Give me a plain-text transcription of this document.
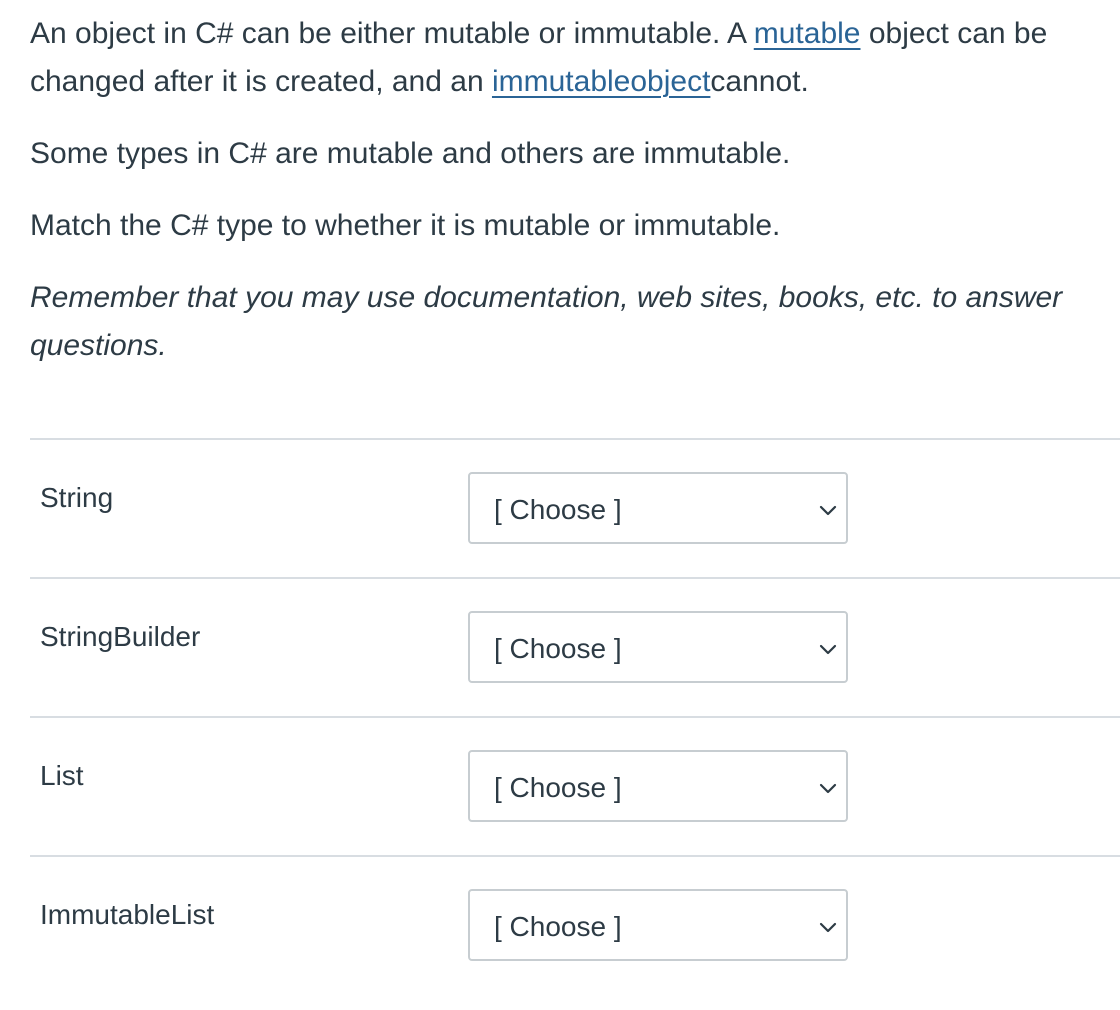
An object in C# can be either mutable or immutable. A mutable object can be changed after it is created, and an immutableobjectcannot.

Some types in C# are mutable and others are immutable.

Match the C# type to whether it is mutable or immutable.

Remember that you may use documentation, web sites, books, etc. to answer questions.

String	[ Choose ]
StringBuilder	[ Choose ]
List	[ Choose ]
ImmutableList	[ Choose ]
